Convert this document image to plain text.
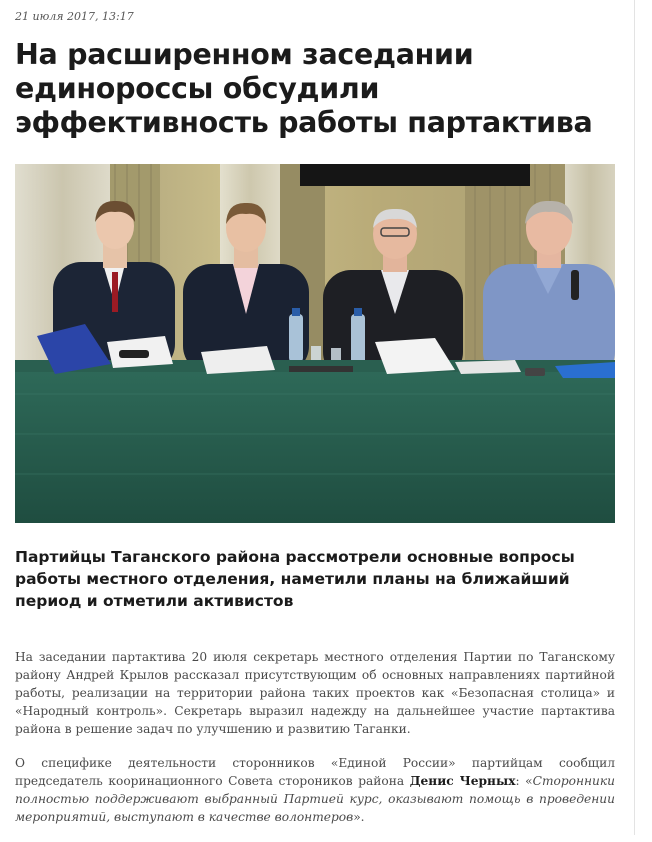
21 июля 2017, 13:17
На расширенном заседании единороссы обсудили эффективность работы партактива
Партийцы Таганского района рассмотрели основные вопросы работы местного отделения, наметили планы на ближайший период и отметили активистов

На заседании партактива 20 июля секретарь местного отделения Партии по Таганскому району Андрей Крылов рассказал присутствующим об основных направлениях партийной работы, реализации на территории района таких проектов как «Безопасная столица» и «Народный контроль». Секретарь выразил надежду на дальнейшее участие партактива района в решение задач по улучшению и развитию Таганки.

О специфике деятельности сторонников «Единой России» партийцам сообщил председатель кооринационного Совета стороников района Денис Черных: «Сторонники полностью поддерживают выбранный Партией курс, оказывают помощь в проведении мероприятий, выступают в качестве волонтеров».
